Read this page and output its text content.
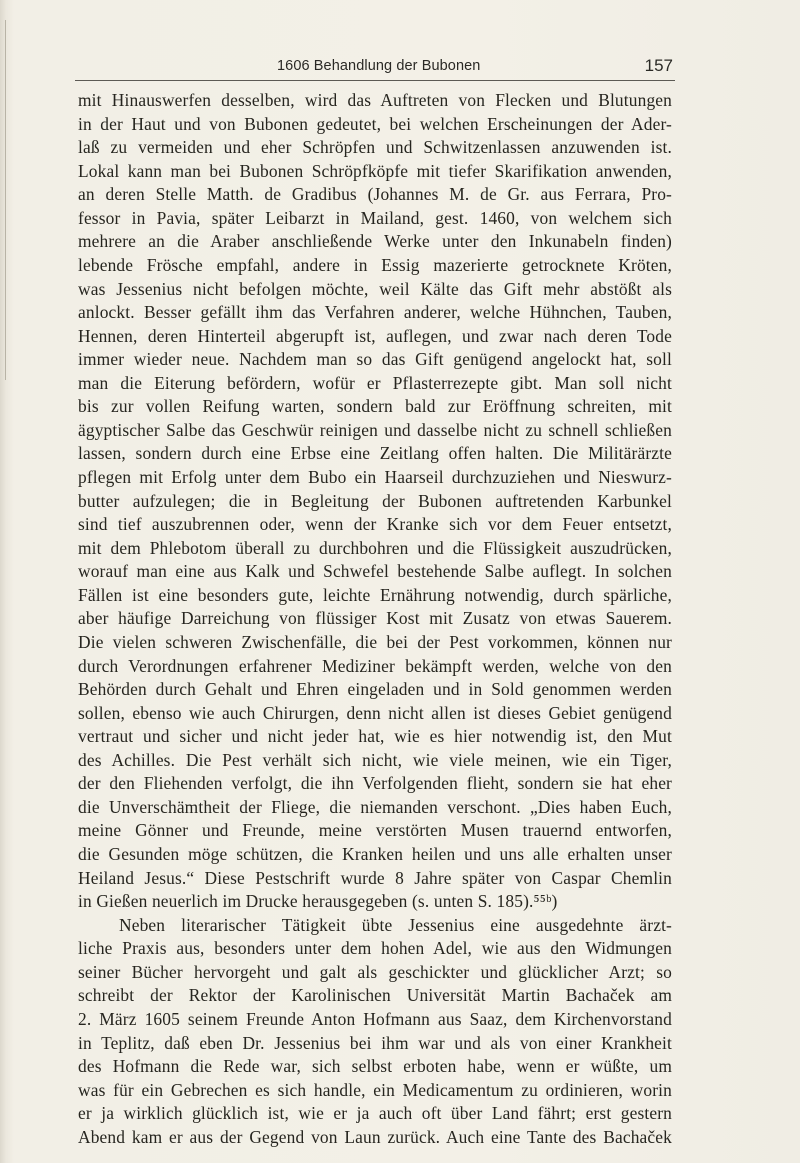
1606 Behandlung der Bubonen	157
mit Hinauswerfen desselben, wird das Auftreten von Flecken und Blutungen
in der Haut und von Bubonen gedeutet, bei welchen Erscheinungen der Ader-
laß zu vermeiden und eher Schröpfen und Schwitzenlassen anzuwenden ist.
Lokal kann man bei Bubonen Schröpfköpfe mit tiefer Skarifikation anwenden,
an deren Stelle Matth. de Gradibus (Johannes M. de Gr. aus Ferrara, Pro-
fessor in Pavia, später Leibarzt in Mailand, gest. 1460, von welchem sich
mehrere an die Araber anschließende Werke unter den Inkunabeln finden)
lebende Frösche empfahl, andere in Essig mazerierte getrocknete Kröten,
was Jessenius nicht befolgen möchte, weil Kälte das Gift mehr abstößt als
anlockt. Besser gefällt ihm das Verfahren anderer, welche Hühnchen, Tauben,
Hennen, deren Hinterteil abgerupft ist, auflegen, und zwar nach deren Tode
immer wieder neue. Nachdem man so das Gift genügend angelockt hat, soll
man die Eiterung befördern, wofür er Pflasterrezepte gibt. Man soll nicht
bis zur vollen Reifung warten, sondern bald zur Eröffnung schreiten, mit
ägyptischer Salbe das Geschwür reinigen und dasselbe nicht zu schnell schließen
lassen, sondern durch eine Erbse eine Zeitlang offen halten. Die Militärärzte
pflegen mit Erfolg unter dem Bubo ein Haarseil durchzuziehen und Nieswurz-
butter aufzulegen; die in Begleitung der Bubonen auftretenden Karbunkel
sind tief auszubrennen oder, wenn der Kranke sich vor dem Feuer entsetzt,
mit dem Phlebotom überall zu durchbohren und die Flüssigkeit auszudrücken,
worauf man eine aus Kalk und Schwefel bestehende Salbe auflegt. In solchen
Fällen ist eine besonders gute, leichte Ernährung notwendig, durch spärliche,
aber häufige Darreichung von flüssiger Kost mit Zusatz von etwas Sauerem.
Die vielen schweren Zwischenfälle, die bei der Pest vorkommen, können nur
durch Verordnungen erfahrener Mediziner bekämpft werden, welche von den
Behörden durch Gehalt und Ehren eingeladen und in Sold genommen werden
sollen, ebenso wie auch Chirurgen, denn nicht allen ist dieses Gebiet genügend
vertraut und sicher und nicht jeder hat, wie es hier notwendig ist, den Mut
des Achilles. Die Pest verhält sich nicht, wie viele meinen, wie ein Tiger,
der den Fliehenden verfolgt, die ihn Verfolgenden flieht, sondern sie hat eher
die Unverschämtheit der Fliege, die niemanden verschont. „Dies haben Euch,
meine Gönner und Freunde, meine verstörten Musen trauernd entworfen,
die Gesunden möge schützen, die Kranken heilen und uns alle erhalten unser
Heiland Jesus.“ Diese Pestschrift wurde 8 Jahre später von Caspar Chemlin
in Gießen neuerlich im Drucke herausgegeben (s. unten S. 185).⁵⁵ᵇ)
Neben literarischer Tätigkeit übte Jessenius eine ausgedehnte ärzt-
liche Praxis aus, besonders unter dem hohen Adel, wie aus den Widmungen
seiner Bücher hervorgeht und galt als geschickter und glücklicher Arzt; so
schreibt der Rektor der Karolinischen Universität Martin Bachaček am
2. März 1605 seinem Freunde Anton Hofmann aus Saaz, dem Kirchenvorstand
in Teplitz, daß eben Dr. Jessenius bei ihm war und als von einer Krankheit
des Hofmann die Rede war, sich selbst erboten habe, wenn er wüßte, um
was für ein Gebrechen es sich handle, ein Medicamentum zu ordinieren, worin
er ja wirklich glücklich ist, wie er ja auch oft über Land fährt; erst gestern
Abend kam er aus der Gegend von Laun zurück. Auch eine Tante des Bachaček
